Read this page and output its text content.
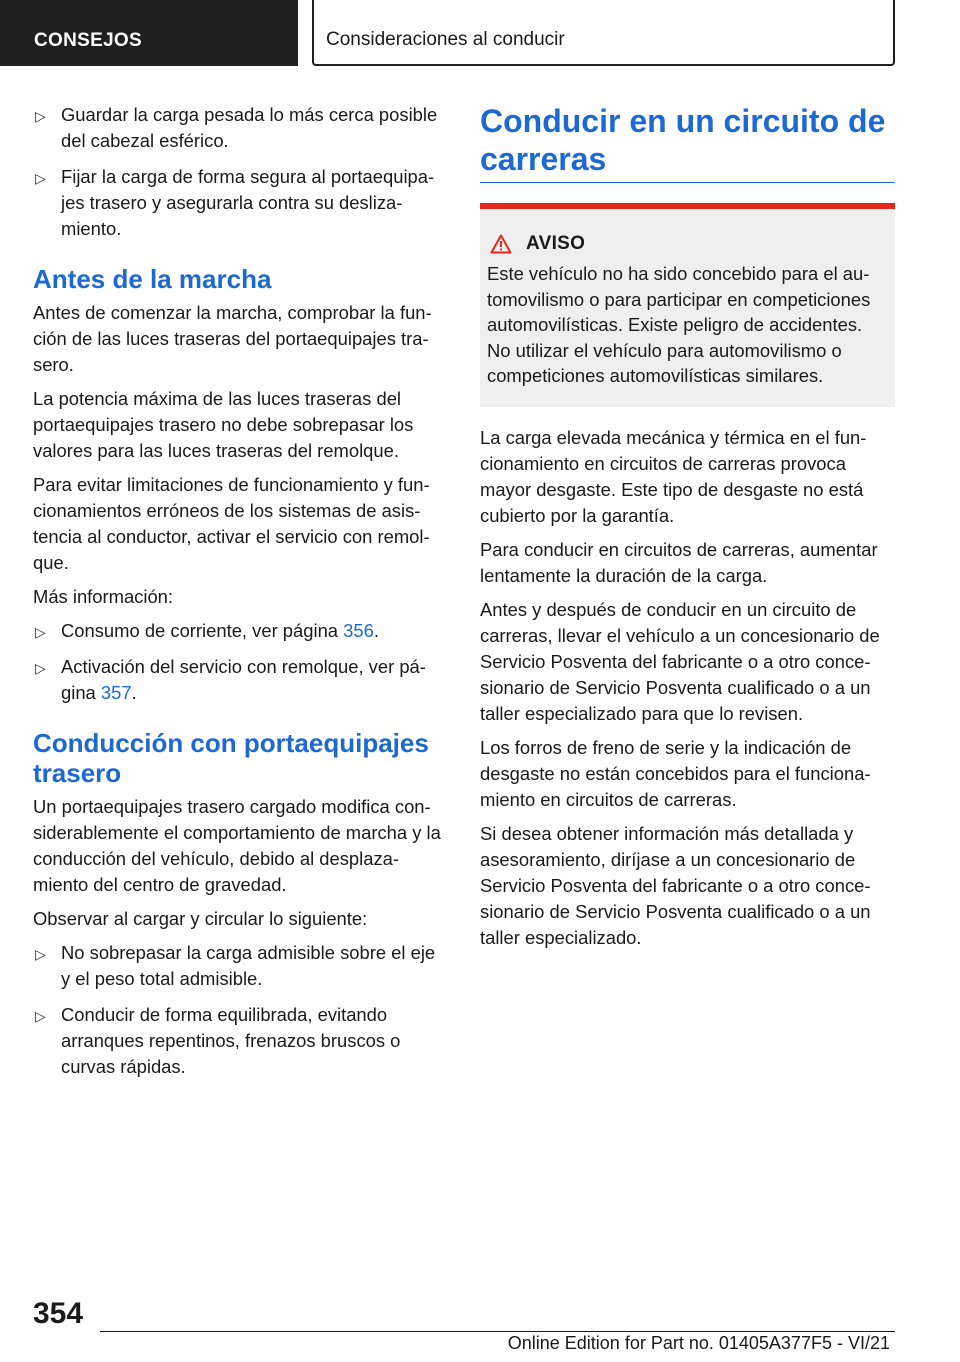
CONSEJOS	Consideraciones al conducir
▷ Guardar la carga pesada lo más cerca posible del cabezal esférico.
▷ Fijar la carga de forma segura al portaequipajes trasero y asegurarla contra su deslizamiento.
Antes de la marcha

Antes de comenzar la marcha, comprobar la función de las luces traseras del portaequipajes trasero.

La potencia máxima de las luces traseras del portaequipajes trasero no debe sobrepasar los valores para las luces traseras del remolque.

Para evitar limitaciones de funcionamiento y funcionamientos erróneos de los sistemas de asistencia al conductor, activar el servicio con remolque.

Más información:

▷ Consumo de corriente, ver página 356.
▷ Activación del servicio con remolque, ver página 357.
Conducción con portaequipajes trasero

Un portaequipajes trasero cargado modifica considerablemente el comportamiento de marcha y la conducción del vehículo, debido al desplazamiento del centro de gravedad.

Observar al cargar y circular lo siguiente:

▷ No sobrepasar la carga admisible sobre el eje y el peso total admisible.
▷ Conducir de forma equilibrada, evitando arranques repentinos, frenazos bruscos o curvas rápidas.
Conducir en un circuito de carreras
AVISO

Este vehículo no ha sido concebido para el automovilismo o para participar en competiciones automovilísticas. Existe peligro de accidentes. No utilizar el vehículo para automovilismo o competiciones automovilísticas similares.

La carga elevada mecánica y térmica en el funcionamiento en circuitos de carreras provoca mayor desgaste. Este tipo de desgaste no está cubierto por la garantía.

Para conducir en circuitos de carreras, aumentar lentamente la duración de la carga.

Antes y después de conducir en un circuito de carreras, llevar el vehículo a un concesionario de Servicio Posventa del fabricante o a otro concesionario de Servicio Posventa cualificado o a un taller especializado para que lo revisen.

Los forros de freno de serie y la indicación de desgaste no están concebidos para el funcionamiento en circuitos de carreras.

Si desea obtener información más detallada y asesoramiento, diríjase a un concesionario de Servicio Posventa del fabricante o a otro concesionario de Servicio Posventa cualificado o a un taller especializado.

354
Online Edition for Part no. 01405A377F5 - VI/21
